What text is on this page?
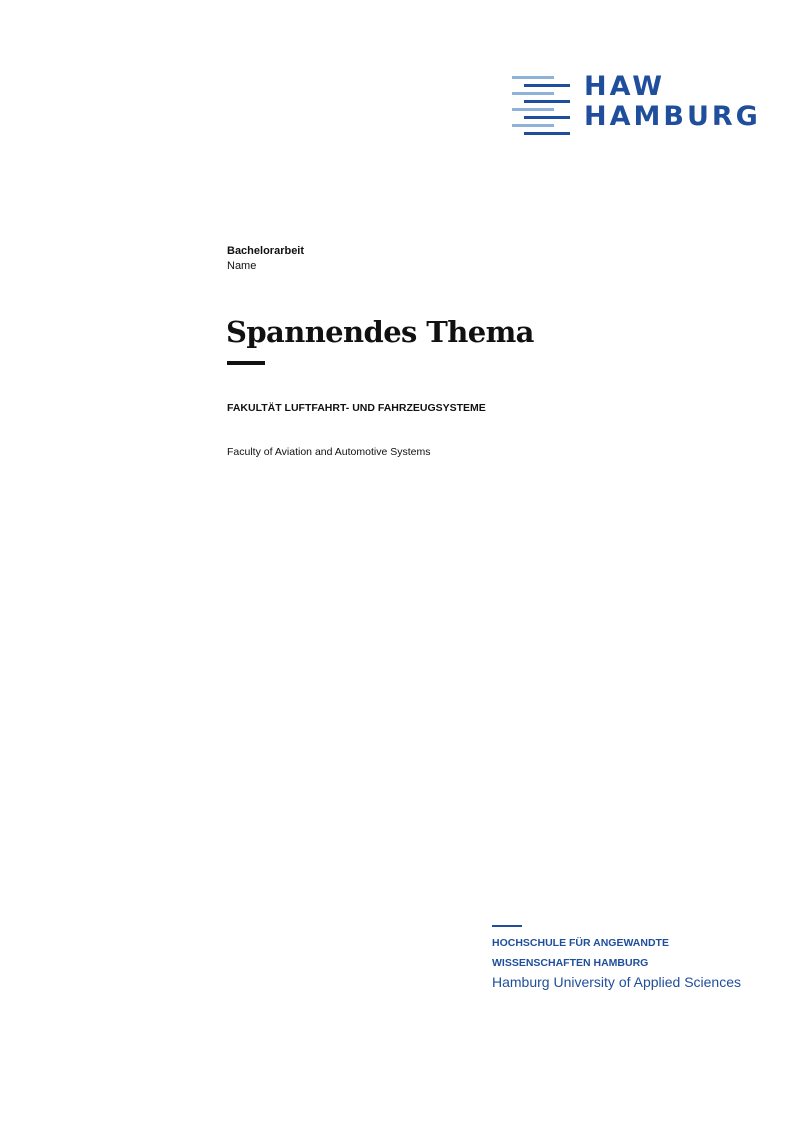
HAW
HAMBURG
Bachelorarbeit
Name
Spannendes Thema
FAKULTÄT LUFTFAHRT- UND FAHRZEUGSYSTEME
Faculty of Aviation and Automotive Systems
HOCHSCHULE FÜR ANGEWANDTE
WISSENSCHAFTEN HAMBURG
Hamburg University of Applied Sciences
